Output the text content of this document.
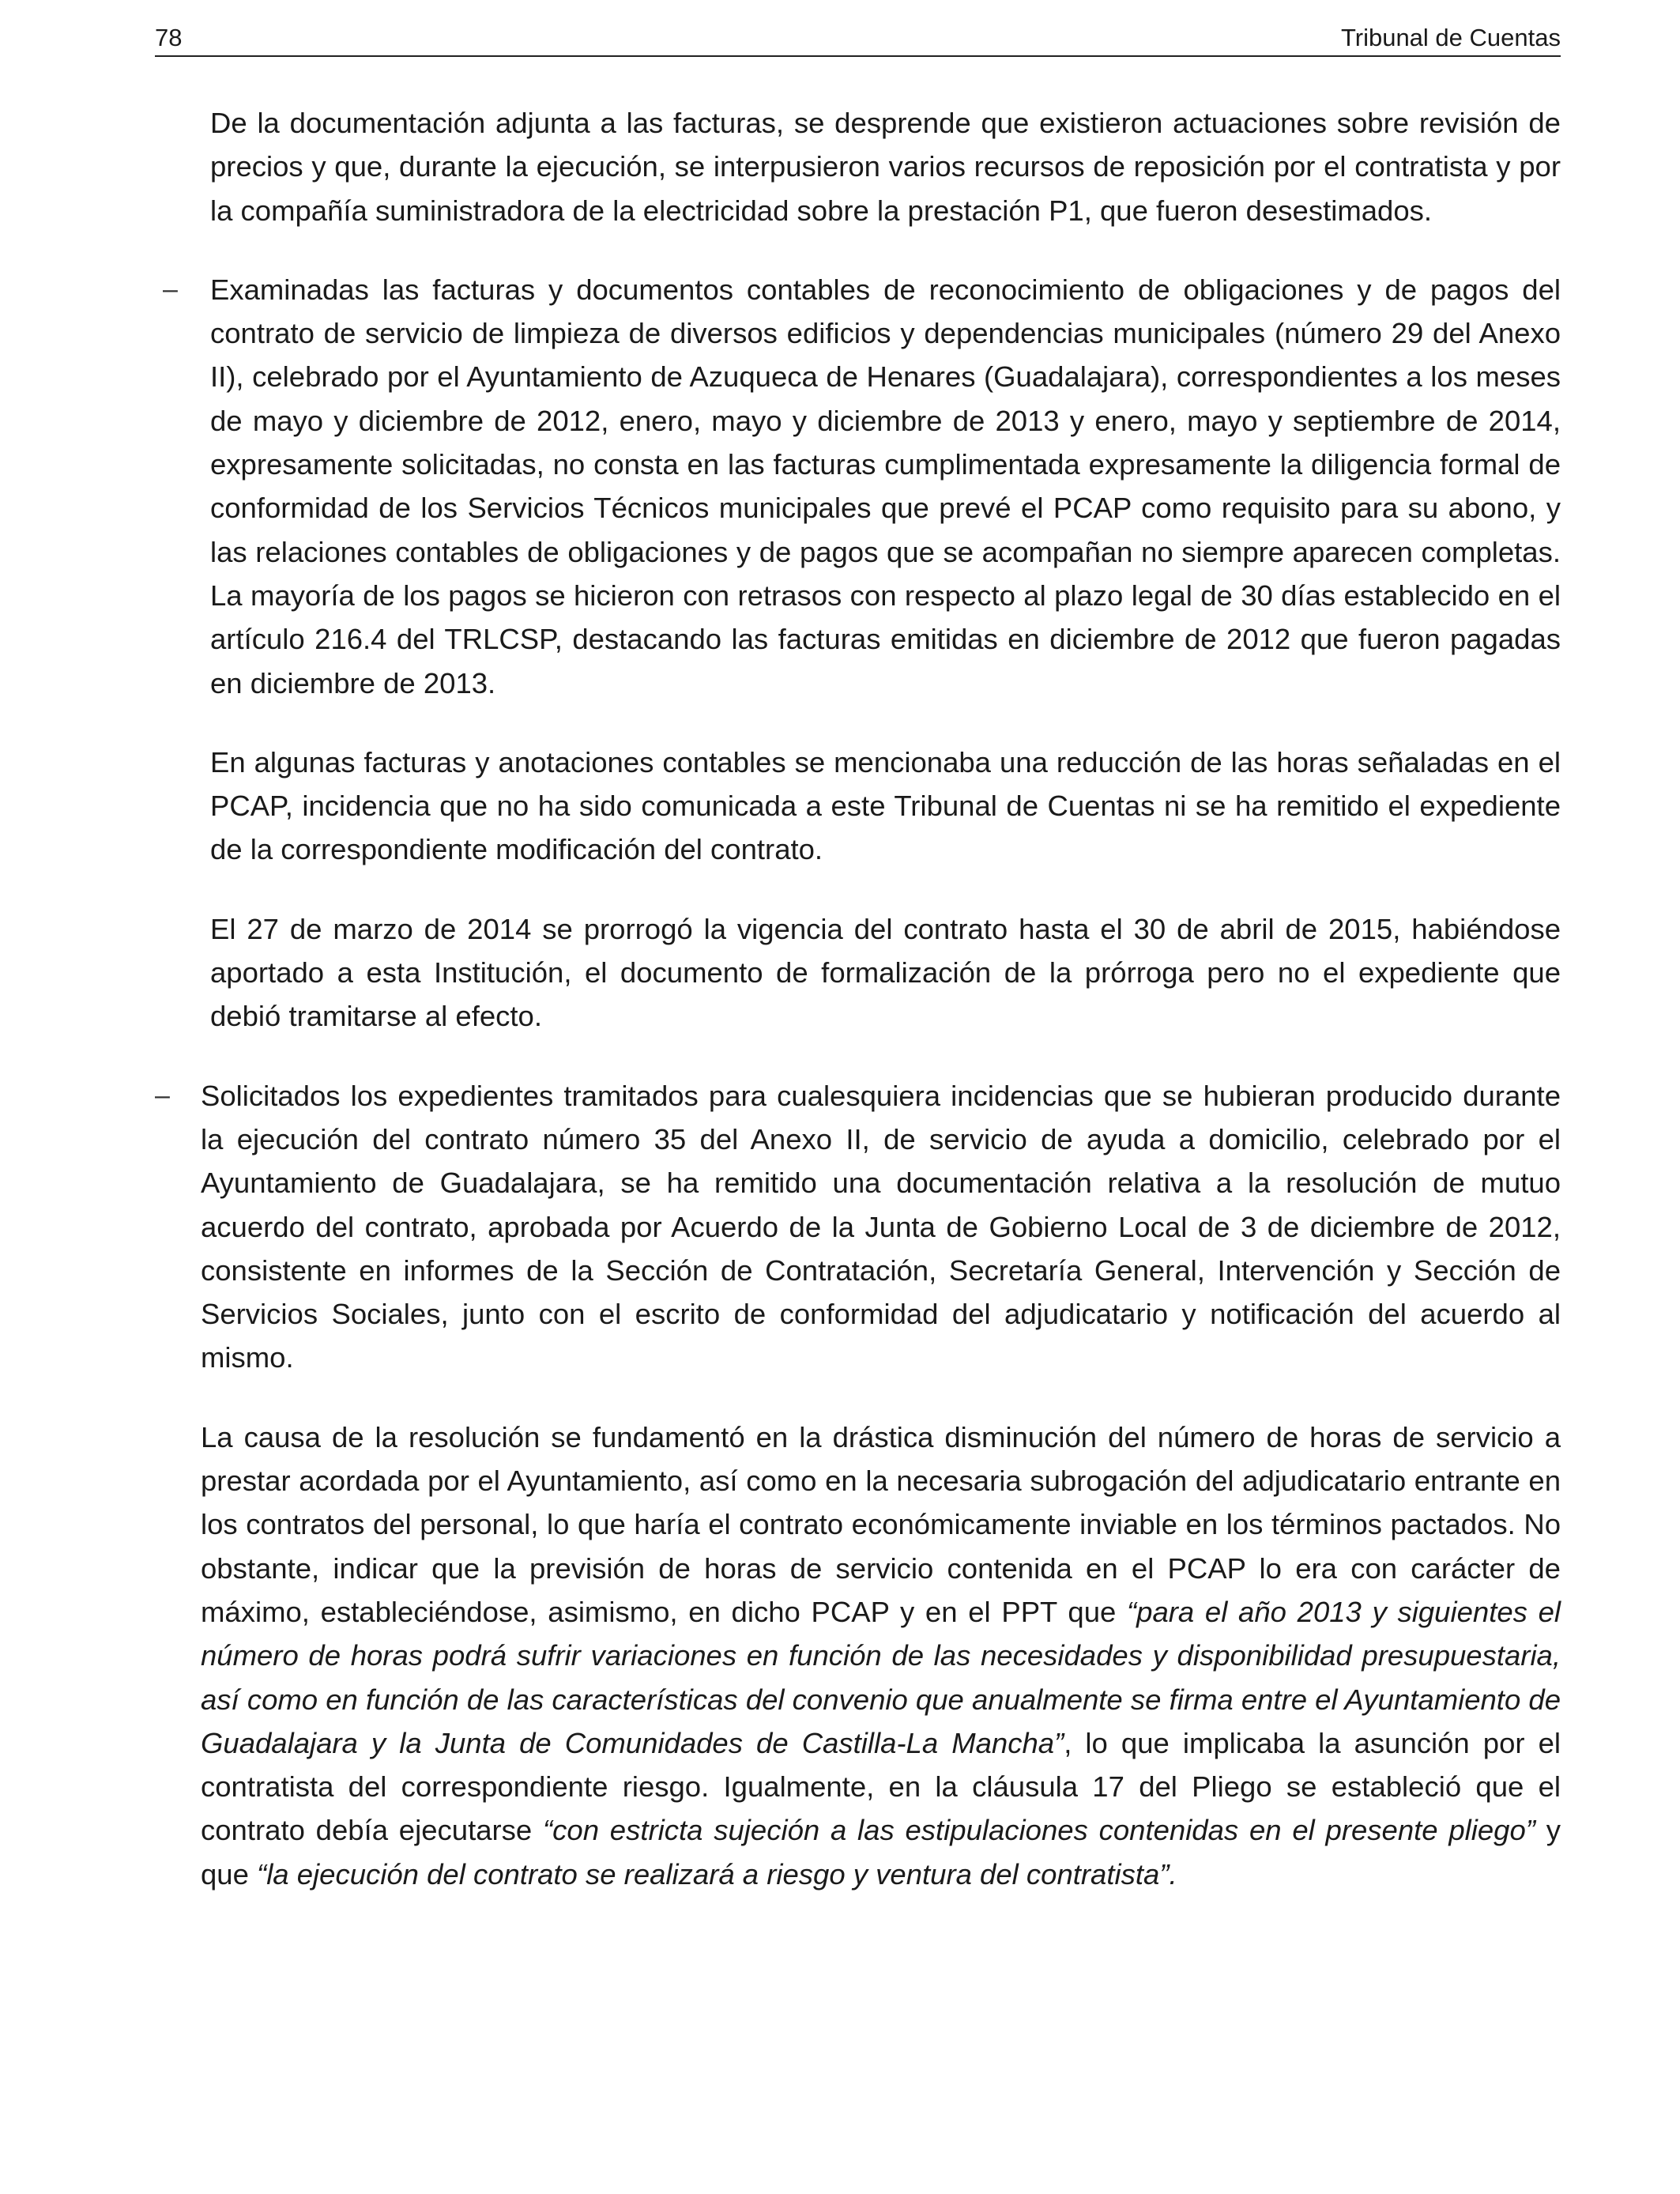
78	Tribunal de Cuentas

De la documentación adjunta a las facturas, se desprende que existieron actuaciones sobre revisión de precios y que, durante la ejecución, se interpusieron varios recursos de reposición por el contratista y por la compañía suministradora de la electricidad sobre la prestación P1, que fueron desestimados.

– Examinadas las facturas y documentos contables de reconocimiento de obligaciones y de pagos del contrato de servicio de limpieza de diversos edificios y dependencias municipales (número 29 del Anexo II), celebrado por el Ayuntamiento de Azuqueca de Henares (Guadalajara), correspondientes a los meses de mayo y diciembre de 2012, enero, mayo y diciembre de 2013 y enero, mayo y septiembre de 2014, expresamente solicitadas, no consta en las facturas cumplimentada expresamente la diligencia formal de conformidad de los Servicios Técnicos municipales que prevé el PCAP como requisito para su abono, y las relaciones contables de obligaciones y de pagos que se acompañan no siempre aparecen completas. La mayoría de los pagos se hicieron con retrasos con respecto al plazo legal de 30 días establecido en el artículo 216.4 del TRLCSP, destacando las facturas emitidas en diciembre de 2012 que fueron pagadas en diciembre de 2013.

En algunas facturas y anotaciones contables se mencionaba una reducción de las horas señaladas en el PCAP, incidencia que no ha sido comunicada a este Tribunal de Cuentas ni se ha remitido el expediente de la correspondiente modificación del contrato.

El 27 de marzo de 2014 se prorrogó la vigencia del contrato hasta el 30 de abril de 2015, habiéndose aportado a esta Institución, el documento de formalización de la prórroga pero no el expediente que debió tramitarse al efecto.

– Solicitados los expedientes tramitados para cualesquiera incidencias que se hubieran producido durante la ejecución del contrato número 35 del Anexo II, de servicio de ayuda a domicilio, celebrado por el Ayuntamiento de Guadalajara, se ha remitido una documentación relativa a la resolución de mutuo acuerdo del contrato, aprobada por Acuerdo de la Junta de Gobierno Local de 3 de diciembre de 2012, consistente en informes de la Sección de Contratación, Secretaría General, Intervención y Sección de Servicios Sociales, junto con el escrito de conformidad del adjudicatario y notificación del acuerdo al mismo.

La causa de la resolución se fundamentó en la drástica disminución del número de horas de servicio a prestar acordada por el Ayuntamiento, así como en la necesaria subrogación del adjudicatario entrante en los contratos del personal, lo que haría el contrato económicamente inviable en los términos pactados. No obstante, indicar que la previsión de horas de servicio contenida en el PCAP lo era con carácter de máximo, estableciéndose, asimismo, en dicho PCAP y en el PPT que “para el año 2013 y siguientes el número de horas podrá sufrir variaciones en función de las necesidades y disponibilidad presupuestaria, así como en función de las características del convenio que anualmente se firma entre el Ayuntamiento de Guadalajara y la Junta de Comunidades de Castilla-La Mancha”, lo que implicaba la asunción por el contratista del correspondiente riesgo. Igualmente, en la cláusula 17 del Pliego se estableció que el contrato debía ejecutarse “con estricta sujeción a las estipulaciones contenidas en el presente pliego” y que “la ejecución del contrato se realizará a riesgo y ventura del contratista”.
